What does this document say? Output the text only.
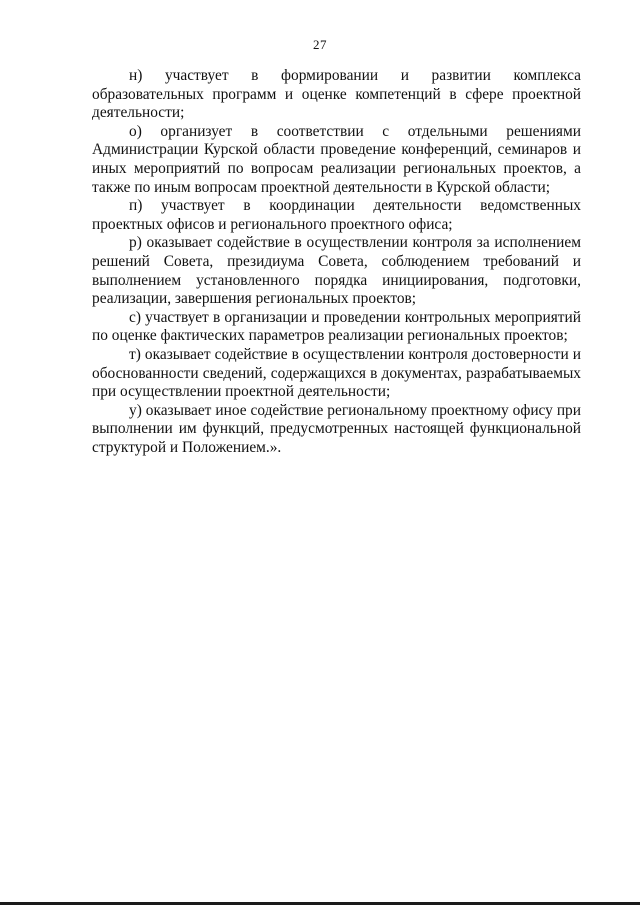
27

н) участвует в формировании и развитии комплекса образовательных программ и оценке компетенций в сфере проектной деятельности;

о) организует в соответствии с отдельными решениями Администрации Курской области проведение конференций, семинаров и иных мероприятий по вопросам реализации региональных проектов, а также по иным вопросам проектной деятельности в Курской области;

п) участвует в координации деятельности ведомственных проектных офисов и регионального проектного офиса;

р) оказывает содействие в осуществлении контроля за исполнением решений Совета, президиума Совета, соблюдением требований и выполнением установленного порядка инициирования, подготовки, реализации, завершения региональных проектов;

с) участвует в организации и проведении контрольных мероприятий по оценке фактических параметров реализации региональных проектов;

т) оказывает содействие в осуществлении контроля достоверности и обоснованности сведений, содержащихся в документах, разрабатываемых при осуществлении проектной деятельности;

у) оказывает иное содействие региональному проектному офису при выполнении им функций, предусмотренных настоящей функциональной структурой и Положением.».
